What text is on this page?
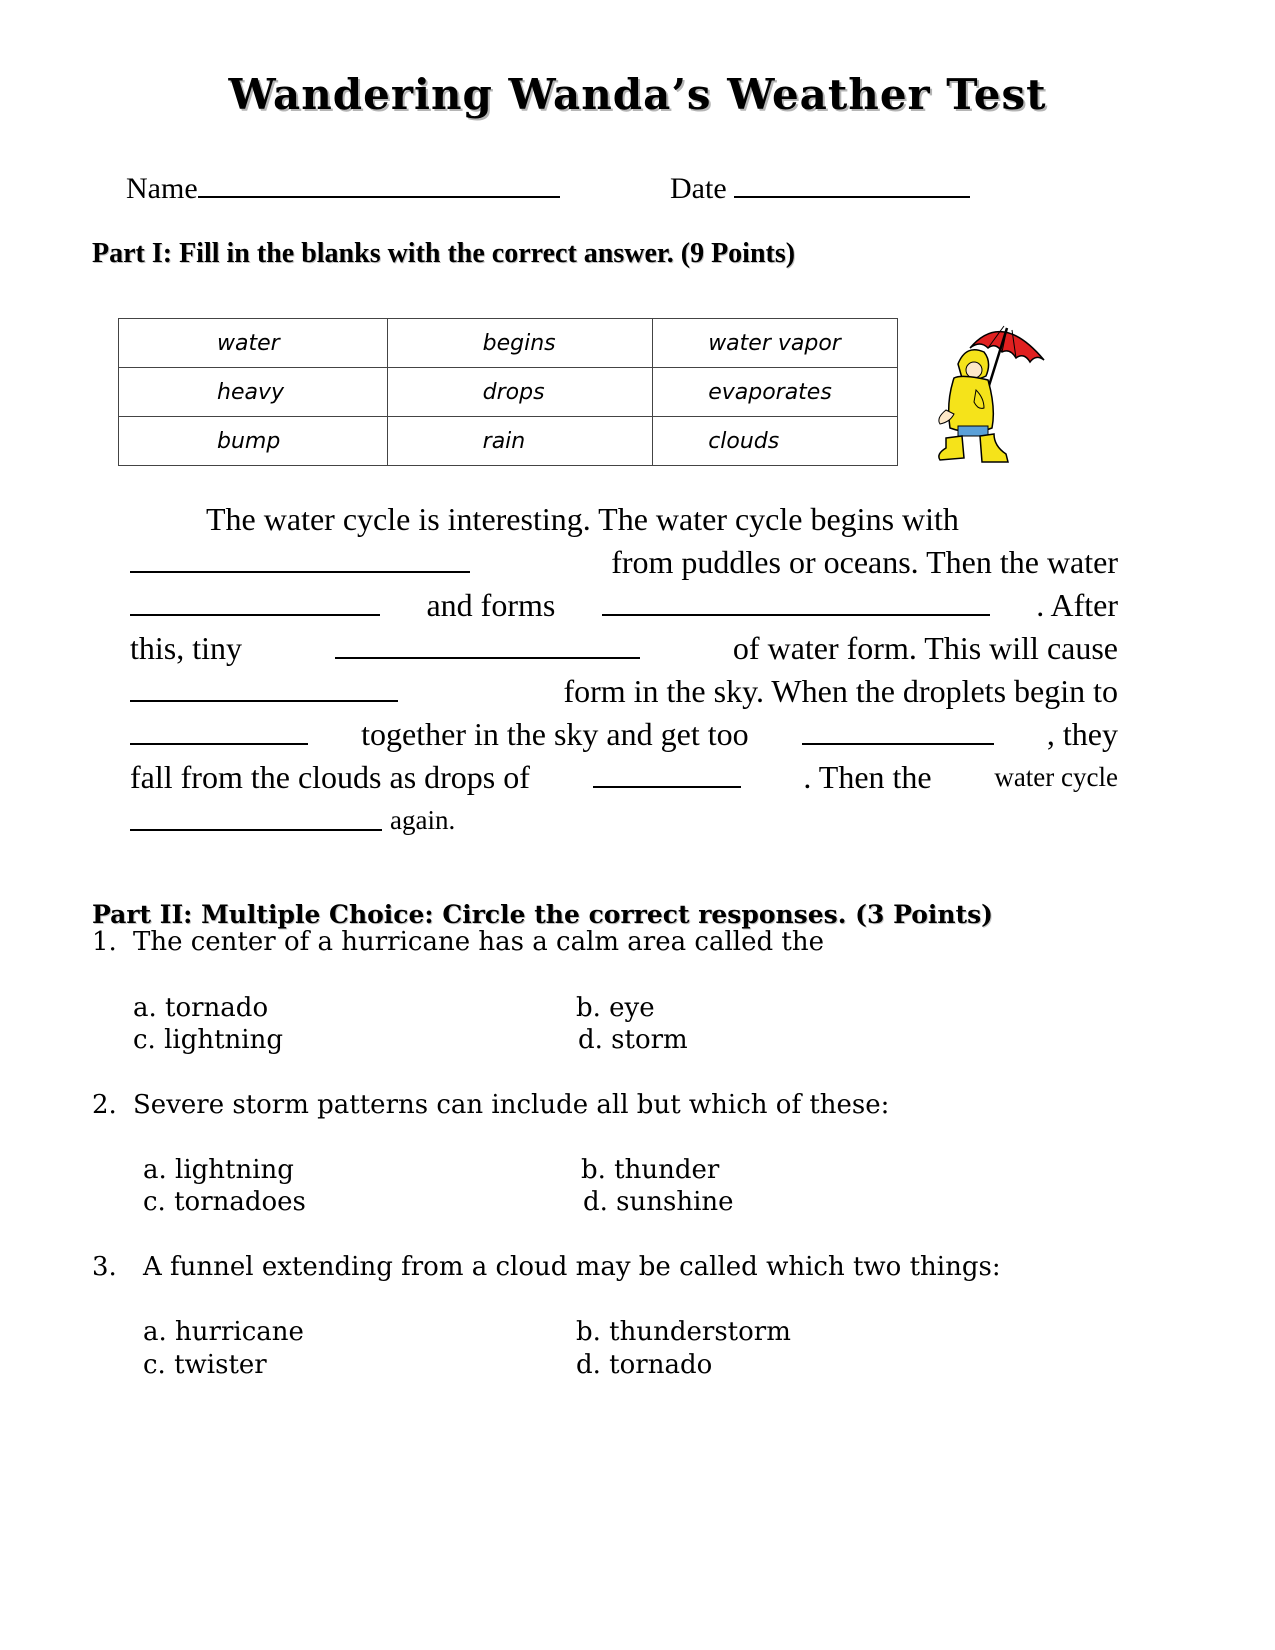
Wandering Wanda’s Weather Test
Name	Date
Part I: Fill in the blanks with the correct answer. (9 Points)
water	begins	water vapor
heavy	drops	evaporates
bump	rain	clouds
The water cycle is interesting. The water cycle begins with
from puddles or oceans. Then the water
and forms	. After
this, tiny	of water form. This will cause
form in the sky. When the droplets begin to
together in the sky and get too	, they
fall from the clouds as drops of	. Then the water cycle
again.
Part II: Multiple Choice: Circle the correct responses. (3 Points)
1. The center of a hurricane has a calm area called the
a. tornado	b. eye
c. lightning	d. storm
2. Severe storm patterns can include all but which of these:
a. lightning	b. thunder
c. tornadoes	d. sunshine
3. A funnel extending from a cloud may be called which two things:
a. hurricane	b. thunderstorm
c. twister	d. tornado
